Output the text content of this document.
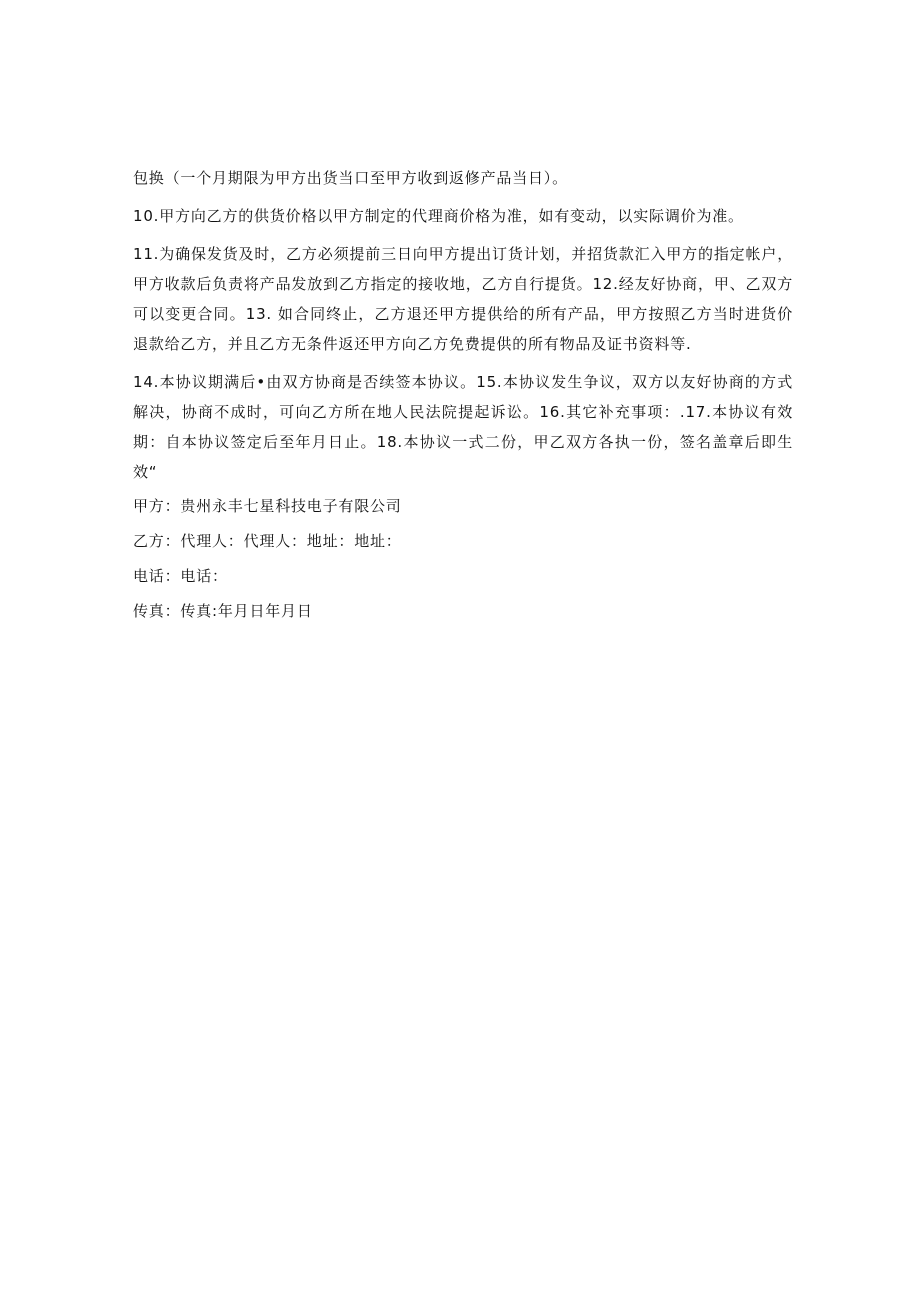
包换（一个月期限为甲方出货当口至甲方收到返修产品当日）。

10.甲方向乙方的供货价格以甲方制定的代理商价格为准，如有变动，以实际调价为准。

11.为确保发货及时，乙方必须提前三日向甲方提出订货计划，并招货款汇入甲方的指定帐户，甲方收款后负责将产品发放到乙方指定的接收地，乙方自行提货。12.经友好协商，甲、乙双方可以变更合同。13. 如合同终止，乙方退还甲方提供给的所有产品，甲方按照乙方当时进货价退款给乙方，并且乙方无条件返还甲方向乙方免费提供的所有物品及证书资料等.

14.本协议期满后•由双方协商是否续签本协议。15.本协议发生争议，双方以友好协商的方式解决，协商不成时，可向乙方所在地人民法院提起诉讼。16.其它补充事项：.17.本协议有效期：自本协议签定后至年月日止。18.本协议一式二份，甲乙双方各执一份，签名盖章后即生效“

甲方：贵州永丰七星科技电子有限公司
乙方：代理人：代理人：地址：地址：
电话：电话：
传真：传真:年月日年月日
